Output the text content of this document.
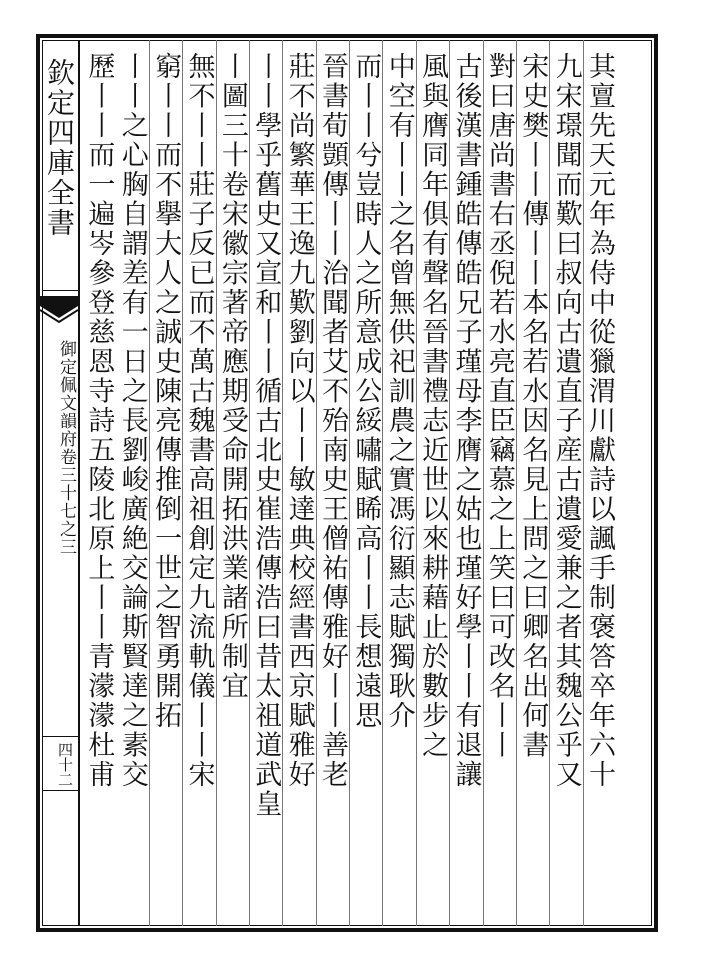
欽定四庫全書
御定佩文韻府卷三十七之三
四十二	其亶先天元年為侍中從獵渭川獻詩以諷手制褒答卒年六十
九宋璟聞而歎曰叔向古遺直子産古遺愛兼之者其魏公乎又
宋史樊丨丨傳丨丨本名若水因名見上問之曰卿名出何書
對曰唐尚書右丞倪若水亮直臣竊慕之上笑曰可改名丨丨
古後漢書鍾皓傳皓兄子瑾母李膺之姑也瑾好學丨丨有退讓
風與膺同年俱有聲名晉書禮志近世以來耕藉止於數步之
中空有丨丨之名曾無供祀訓農之實馮衍顯志賦獨耿介
而丨丨兮豈時人之所意成公綏嘯賦睎高丨丨長想遠思
晉書荀顗傳丨丨治聞者艾不殆南史王僧祐傳雅好丨丨善老
莊不尚繁華王逸九歎劉向以丨丨敏達典校經書西京賦雅好
丨丨學乎舊史又宣和丨丨循古北史崔浩傳浩曰昔太祖道武皇
丨圖三十卷宋徽宗著帝應期受命開拓洪業諸所制宜
無不丨丨莊子反已而不萬古魏書高祖創定九流軌儀丨丨宋
窮丨丨而不擧大人之誠史陳亮傳推倒一世之智勇開拓
丨丨之心胸自謂差有一日之長劉峻廣絶交論斯賢達之素交
歷丨丨而一遍岑參登慈恩寺詩五陵北原上丨丨青濛濛杜甫
